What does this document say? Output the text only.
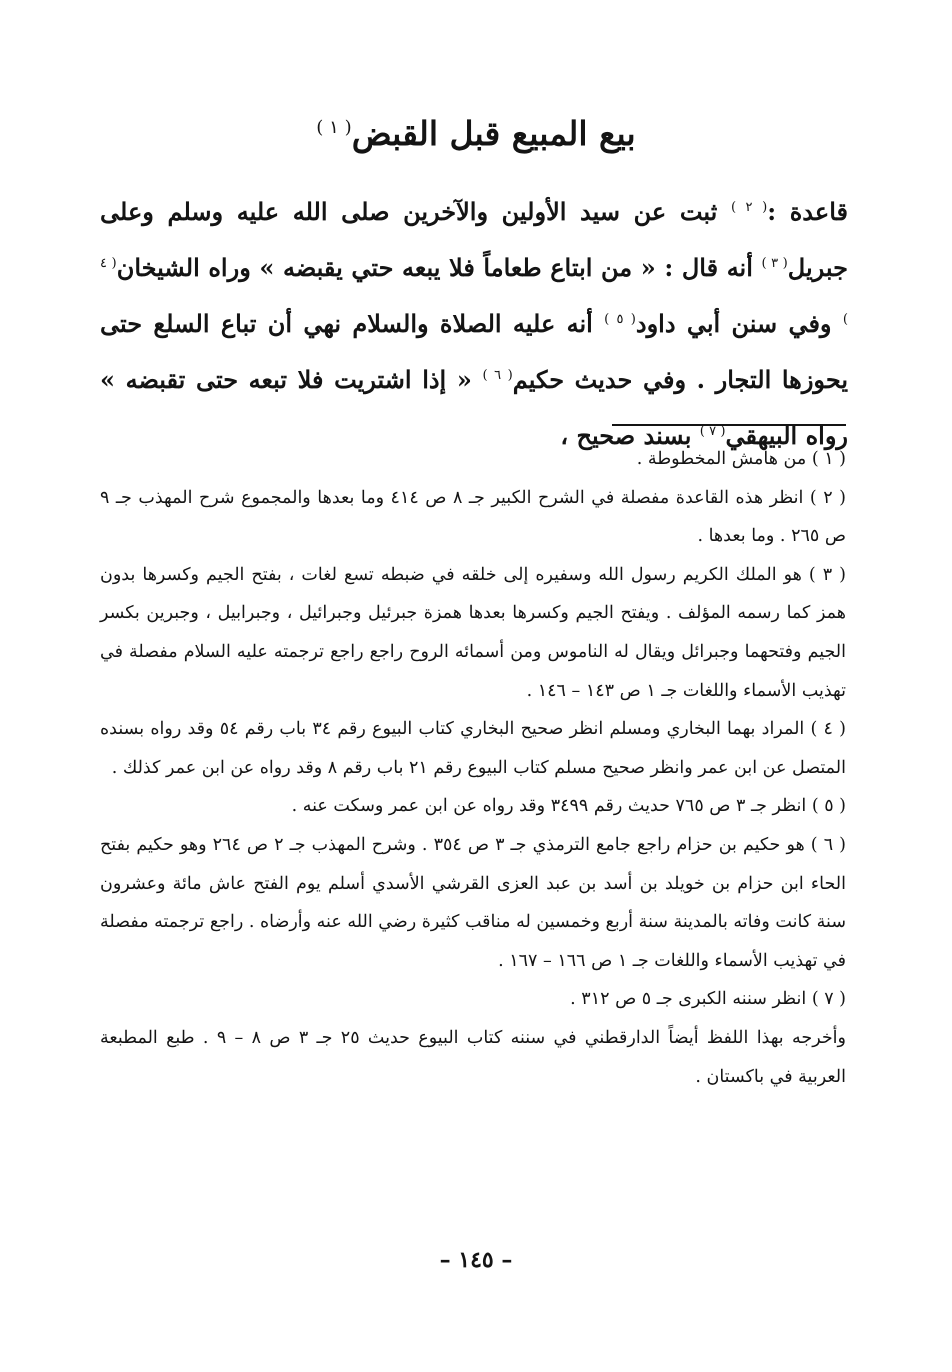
بيع المبيع قبل القبض$^{( ١ )}$
قاعدة :$^{( ٢ )}$ ثبت عن سيد الأولين والآخرين صلى الله عليه وسلم وعلى جبريل$^{( ٣ )}$ أنه قال : « من ابتاع طعاماً فلا يبعه حتي يقبضه » وراه الشيخان$^{( ٤ )}$ وفي سنن أبي داود$^{( ٥ )}$ أنه عليه الصلاة والسلام نهي أن تباع السلع حتى يحوزها التجار . وفي حديث حكيم$^{( ٦ )}$ « إذا اشتريت فلا تبعه حتى تقبضه » رواه البيهقي$^{( ٧ )}$ بسند صحيح ،

( ١ ) من هامش المخطوطة .

( ٢ ) انظر هذه القاعدة مفصلة في الشرح الكبير جـ ٨ ص ٤١٤ وما بعدها والمجموع شرح المهذب جـ ٩ ص ٢٦٥ . وما بعدها .

( ٣ ) هو الملك الكريم رسول الله وسفيره إلى خلقه في ضبطه تسع لغات ، بفتح الجيم وكسرها بدون همز كما رسمه المؤلف . ويفتح الجيم وكسرها بعدها همزة جبرئيل وجبرائيل ، وجبرابيل ، وجبرين بكسر الجيم وفتحهما وجبرائل ويقال له الناموس ومن أسمائه الروح راجع راجع ترجمته عليه السلام مفصلة في تهذيب الأسماء واللغات جـ ١ ص ١٤٣ – ١٤٦ .

( ٤ ) المراد بهما البخاري ومسلم انظر صحيح البخاري كتاب البيوع رقم ٣٤ باب رقم ٥٤ وقد رواه بسنده المتصل عن ابن عمر وانظر صحيح مسلم كتاب البيوع رقم ٢١ باب رقم ٨ وقد رواه عن ابن عمر كذلك .

( ٥ ) انظر جـ ٣ ص ٧٦٥ حديث رقم ٣٤٩٩ وقد رواه عن ابن عمر وسكت عنه .

( ٦ ) هو حكيم بن حزام راجع جامع الترمذي جـ ٣ ص ٣٥٤ . وشرح المهذب جـ ٢ ص ٢٦٤ وهو حكيم بفتح الحاء ابن حزام بن خويلد بن أسد بن عبد العزى القرشي الأسدي أسلم يوم الفتح عاش مائة وعشرون سنة كانت وفاته بالمدينة سنة أربع وخمسين له مناقب كثيرة رضي الله عنه وأرضاه . راجع ترجمته مفصلة في تهذيب الأسماء واللغات جـ ١ ص ١٦٦ – ١٦٧ .

( ٧ ) انظر سننه الكبرى جـ ٥ ص ٣١٢ .

وأخرجه بهذا اللفظ أيضاً الدارقطني في سننه كتاب البيوع حديث ٢٥ جـ ٣ ص ٨ – ٩ . طبع المطبعة العربية في باكستان .

– ١٤٥ –
